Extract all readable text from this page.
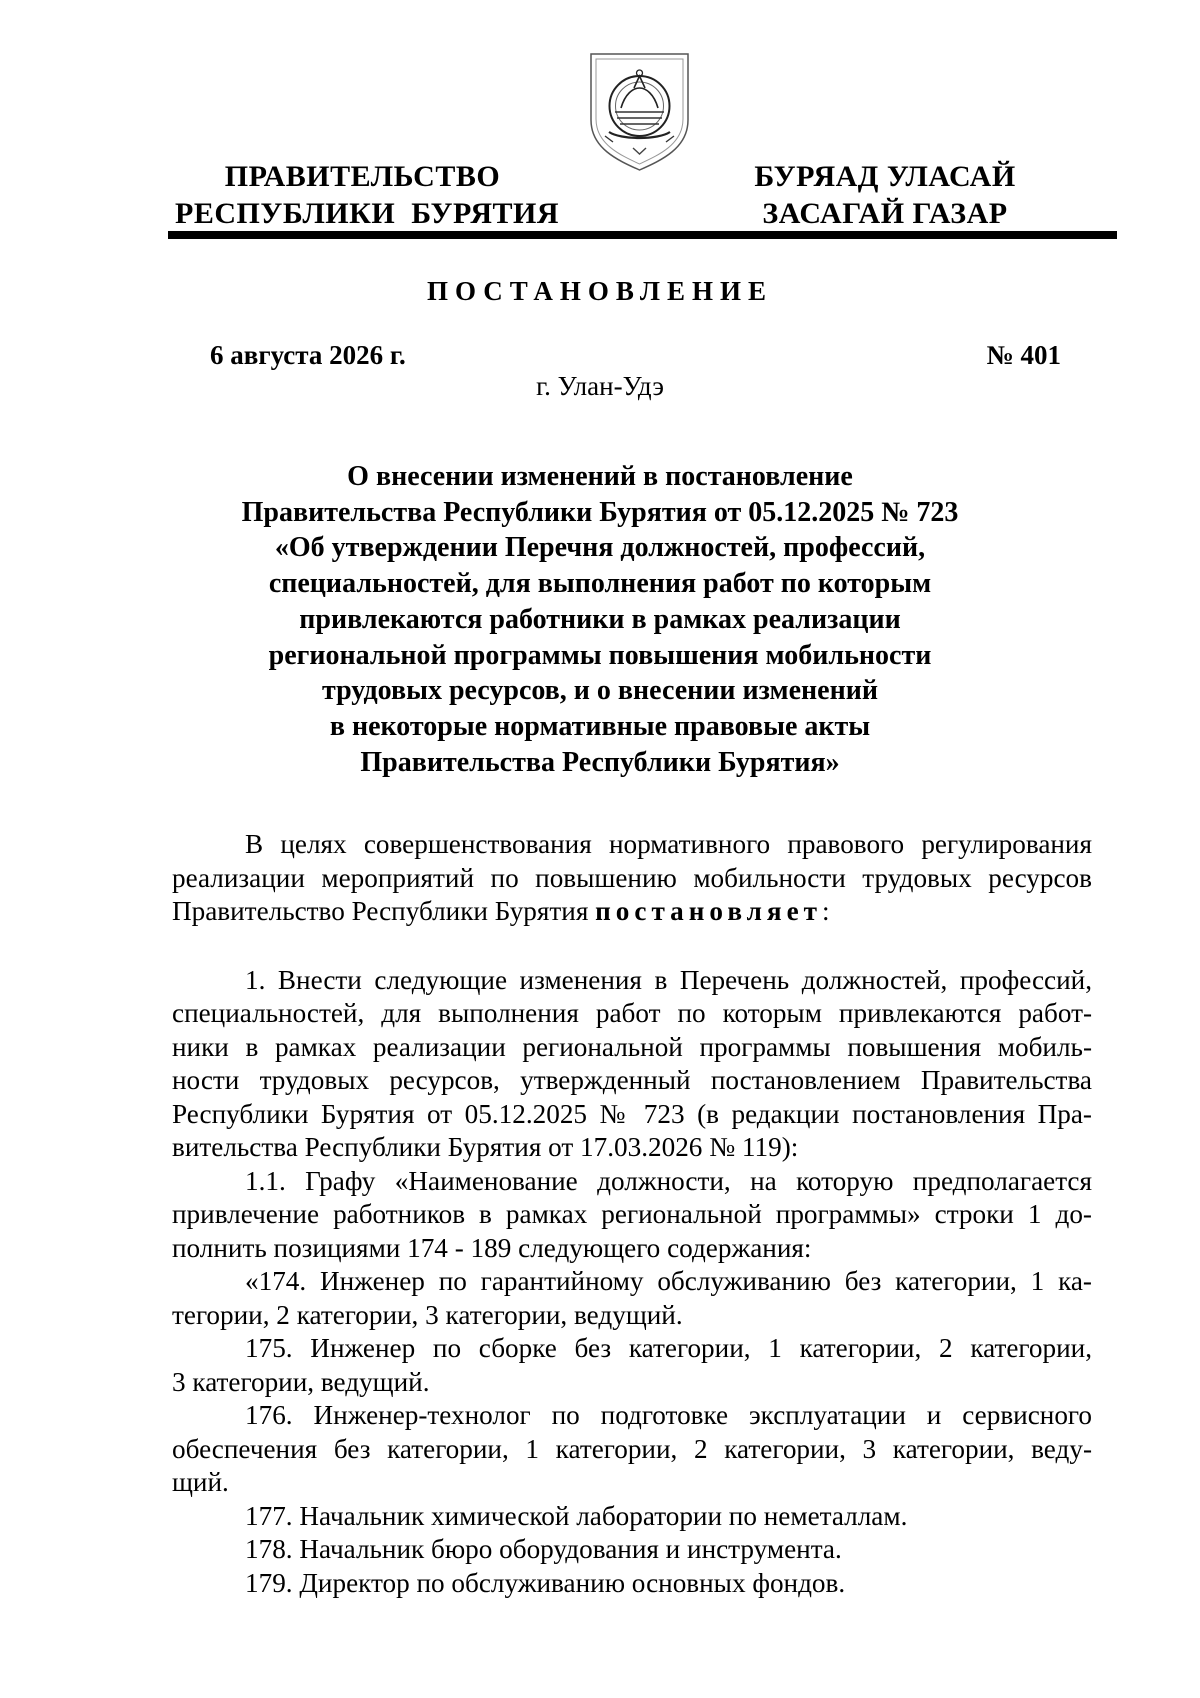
ПРАВИТЕЛЬСТВО
РЕСПУБЛИКИ  БУРЯТИЯ
БУРЯАД УЛАСАЙ
ЗАСАГАЙ ГАЗАР
ПОСТАНОВЛЕНИЕ
6 августа 2026 г.	№ 401
г. Улан-Удэ
О внесении изменений в постановление
Правительства Республики Бурятия от 05.12.2025 № 723
«Об утверждении Перечня должностей, профессий,
специальностей, для выполнения работ по которым
привлекаются работники в рамках реализации
региональной программы повышения мобильности
трудовых ресурсов, и о внесении изменений
в некоторые нормативные правовые акты
Правительства Республики Бурятия»
В целях совершенствования нормативного правового регулирования
реализации мероприятий по повышению мобильности трудовых ресурсов
Правительство Республики Бурятия постановляет:
1. Внести следующие изменения в Перечень должностей, профессий,
специальностей, для выполнения работ по которым привлекаются работ-
ники в рамках реализации региональной программы повышения мобиль-
ности трудовых ресурсов, утвержденный постановлением Правительства
Республики Бурятия от 05.12.2025 № 723 (в редакции постановления Пра-
вительства Республики Бурятия от 17.03.2026 № 119):
1.1. Графу «Наименование должности, на которую предполагается
привлечение работников в рамках региональной программы» строки 1 до-
полнить позициями 174 - 189 следующего содержания:
«174. Инженер по гарантийному обслуживанию без категории, 1 ка-
тегории, 2 категории, 3 категории, ведущий.
175. Инженер по сборке без категории, 1 категории, 2 категории,
3 категории, ведущий.
176. Инженер-технолог по подготовке эксплуатации и сервисного
обеспечения без категории, 1 категории, 2 категории, 3 категории, веду-
щий.
177. Начальник химической лаборатории по неметаллам.
178. Начальник бюро оборудования и инструмента.
179. Директор по обслуживанию основных фондов.
